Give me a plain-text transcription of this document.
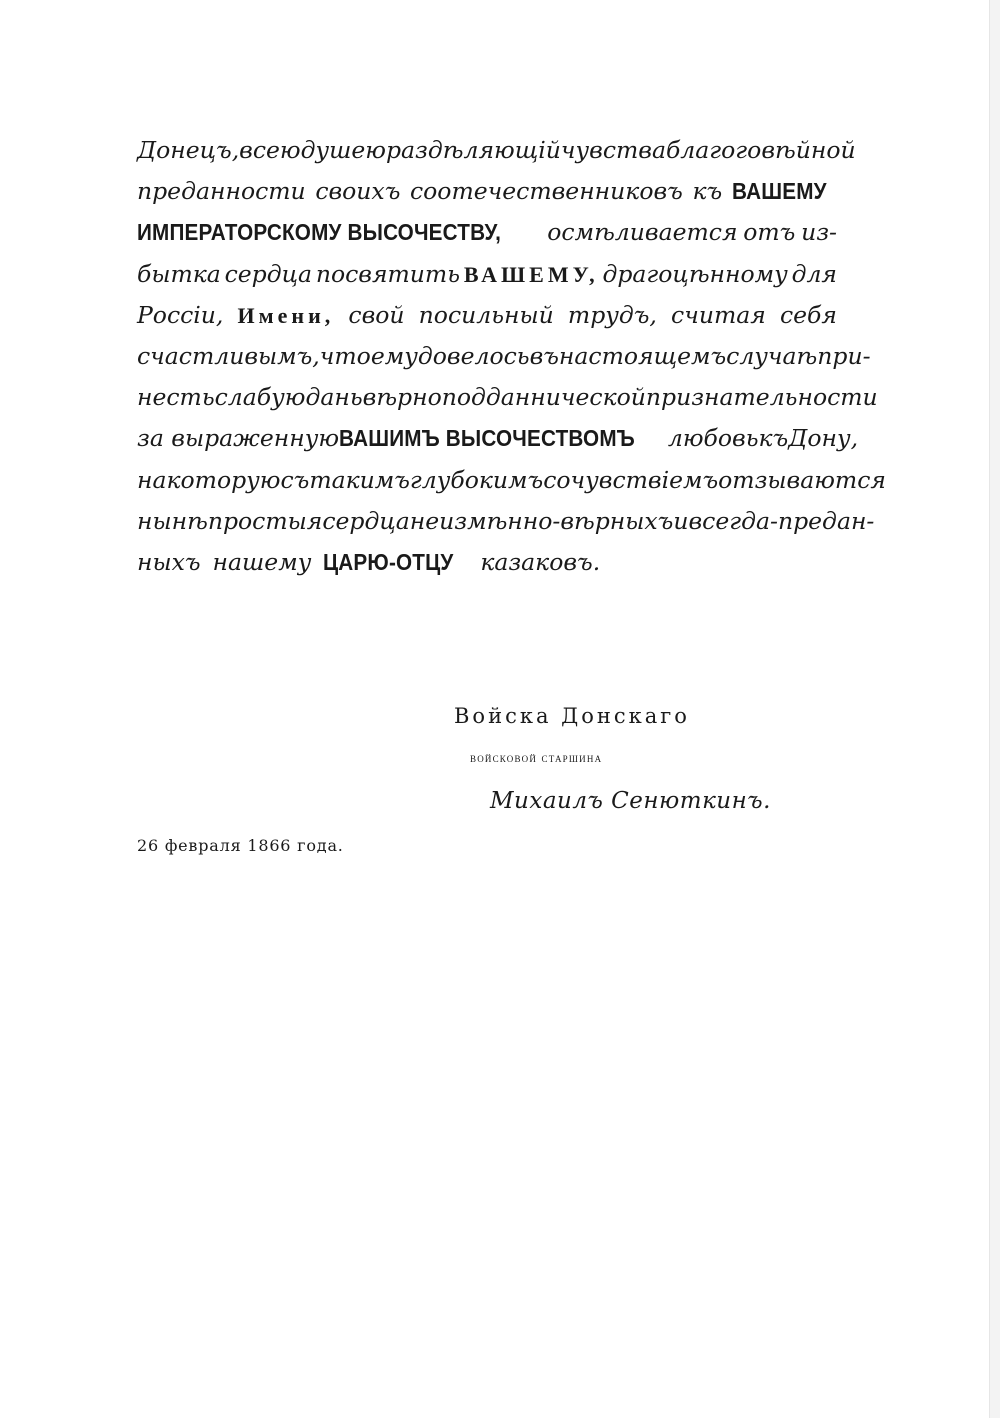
Донецъ, всею душею раздѣляющій чувства благоговѣйной
преданности своихъ соотечественниковъ къ ВАШЕМУ
ИМПЕРАТОРСКОМУ ВЫСОЧЕСТВУ, осмѣливается отъ из-
бытка сердца посвятить ВАШЕМУ, драгоцѣнному для
Россіи, Имени, свой посильный трудъ, считая себя
счастливымъ, что ему довелось въ настоящемъ случаѣ при-
несть слабую дань вѣрноподданнической признательности
за выраженную ВАШИМЪ ВЫСОЧЕСТВОМЪ любовь къ Дону,
на которую съ такимъ глубокимъ сочувствіемъ отзываются
нынѣ простыя сердца неизмѣнно-вѣрныхъ и всегда-предан-
ныхъ нашему ЦАРЮ-ОТЦУ казаковъ.
Войска Донскаго
войсковой старшина
Михаилъ Сенюткинъ.
26 февраля 1866 года.
